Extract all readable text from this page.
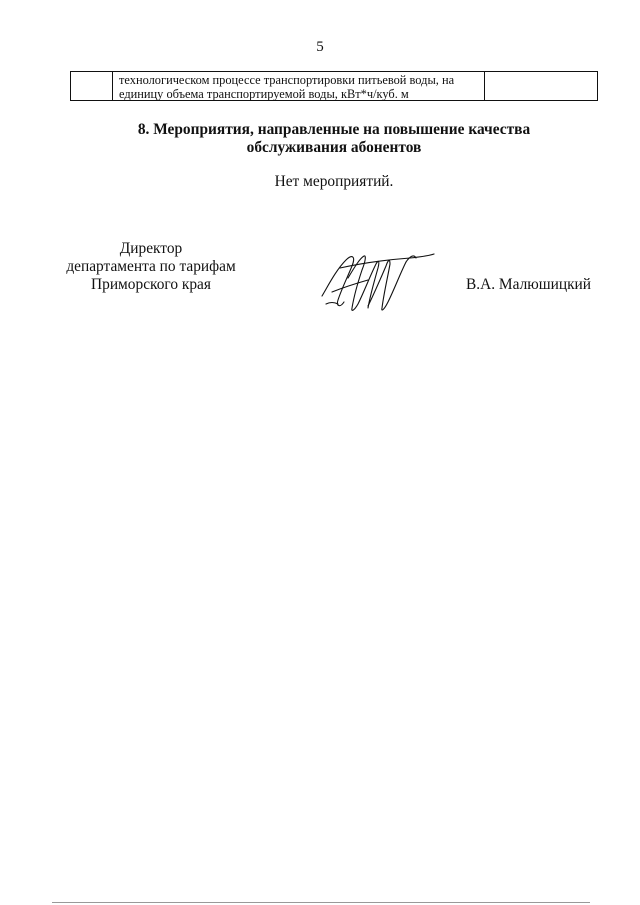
5
технологическом процессе транспортировки питьевой воды, на
единицу объема транспортируемой воды, кВт*ч/куб. м
8. Мероприятия, направленные на повышение качества
обслуживания абонентов
Нет мероприятий.
Директор
департамента по тарифам
Приморского края	В.А. Малюшицкий
